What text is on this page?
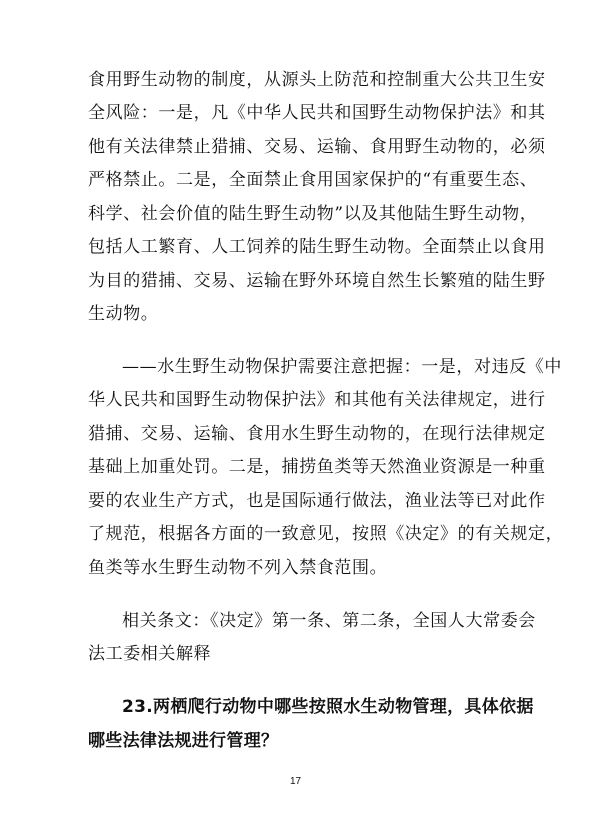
食用野生动物的制度，从源头上防范和控制重大公共卫生安
全风险：一是，凡《中华人民共和国野生动物保护法》和其
他有关法律禁止猎捕、交易、运输、食用野生动物的，必须
严格禁止。二是，全面禁止食用国家保护的“有重要生态、
科学、社会价值的陆生野生动物”以及其他陆生野生动物，
包括人工繁育、人工饲养的陆生野生动物。全面禁止以食用
为目的猎捕、交易、运输在野外环境自然生长繁殖的陆生野
生动物。
——水生野生动物保护需要注意把握：一是，对违反《中
华人民共和国野生动物保护法》和其他有关法律规定，进行
猎捕、交易、运输、食用水生野生动物的，在现行法律规定
基础上加重处罚。二是，捕捞鱼类等天然渔业资源是一种重
要的农业生产方式，也是国际通行做法，渔业法等已对此作
了规范，根据各方面的一致意见，按照《决定》的有关规定，
鱼类等水生野生动物不列入禁食范围。
相关条文：《决定》第一条、第二条，全国人大常委会
法工委相关解释
23.两栖爬行动物中哪些按照水生动物管理，具体依据
哪些法律法规进行管理？
17
